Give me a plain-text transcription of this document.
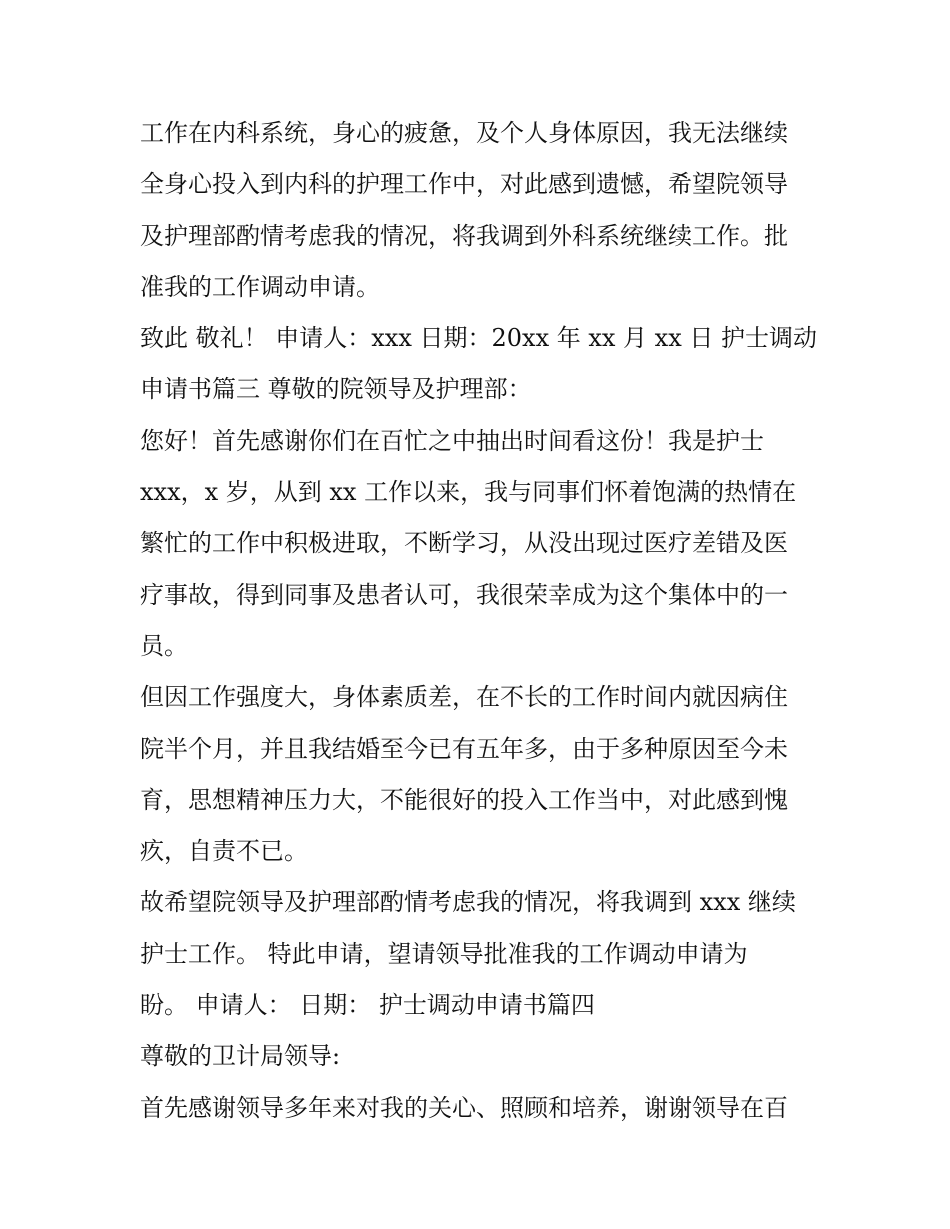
工作在内科系统，身心的疲惫，及个人身体原因，我无法继续
全身心投入到内科的护理工作中，对此感到遗憾，希望院领导
及护理部酌情考虑我的情况，将我调到外科系统继续工作。批
准我的工作调动申请。
致此 敬礼！ 申请人：xxx 日期：20xx 年 xx 月 xx 日 护士调动
申请书篇三 尊敬的院领导及护理部：
您好！首先感谢你们在百忙之中抽出时间看这份！我是护士
xxx，x 岁，从到 xx 工作以来，我与同事们怀着饱满的热情在
繁忙的工作中积极进取，不断学习，从没出现过医疗差错及医
疗事故，得到同事及患者认可，我很荣幸成为这个集体中的一
员。
但因工作强度大，身体素质差，在不长的工作时间内就因病住
院半个月，并且我结婚至今已有五年多，由于多种原因至今未
育，思想精神压力大，不能很好的投入工作当中，对此感到愧
疚，自责不已。
故希望院领导及护理部酌情考虑我的情况，将我调到 xxx 继续
护士工作。 特此申请，望请领导批准我的工作调动申请为
盼。 申请人： 日期： 护士调动申请书篇四
尊敬的卫计局领导:
首先感谢领导多年来对我的关心、照顾和培养，谢谢领导在百
